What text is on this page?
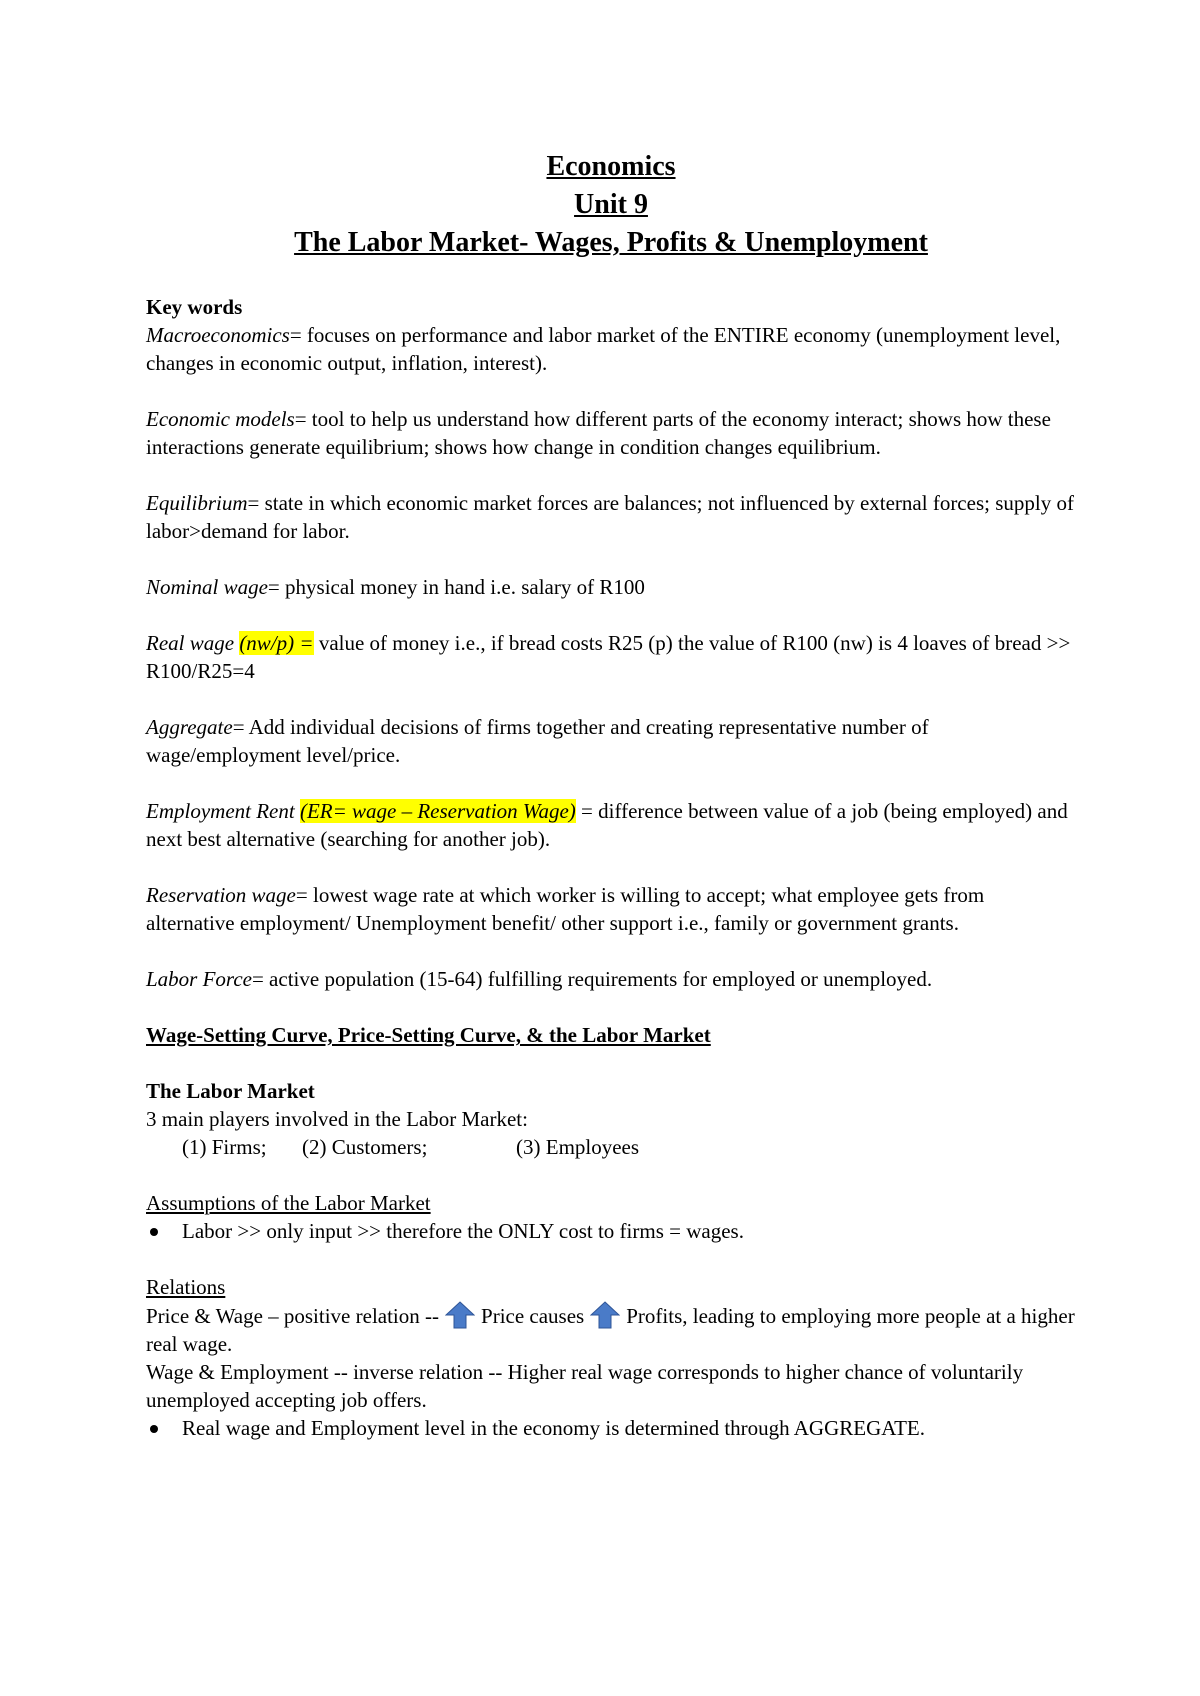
Economics
Unit 9
The Labor Market- Wages, Profits & Unemployment
Key words

Macroeconomics= focuses on performance and labor market of the ENTIRE economy (unemployment level, changes in economic output, inflation, interest).

Economic models= tool to help us understand how different parts of the economy interact; shows how these interactions generate equilibrium; shows how change in condition changes equilibrium.

Equilibrium= state in which economic market forces are balances; not influenced by external forces; supply of labor>demand for labor.

Nominal wage= physical money in hand i.e. salary of R100

Real wage (nw/p) = value of money i.e., if bread costs R25 (p) the value of R100 (nw) is 4 loaves of bread >> R100/R25=4

Aggregate= Add individual decisions of firms together and creating representative number of wage/employment level/price.

Employment Rent (ER= wage – Reservation Wage) = difference between value of a job (being employed) and next best alternative (searching for another job).

Reservation wage= lowest wage rate at which worker is willing to accept; what employee gets from alternative employment/ Unemployment benefit/ other support i.e., family or government grants.

Labor Force= active population (15-64) fulfilling requirements for employed or unemployed.

Wage-Setting Curve, Price-Setting Curve, & the Labor Market
The Labor Market

3 main players involved in the Labor Market:

(1) Firms;	(2) Customers;	(3) Employees
Assumptions of the Labor Market
Labor >> only input >> therefore the ONLY cost to firms = wages.
Relations

Price & Wage – positive relation -- Price causes Profits, leading to employing more people at a higher real wage.

Wage & Employment -- inverse relation -- Higher real wage corresponds to higher chance of voluntarily unemployed accepting job offers.

Real wage and Employment level in the economy is determined through AGGREGATE.
